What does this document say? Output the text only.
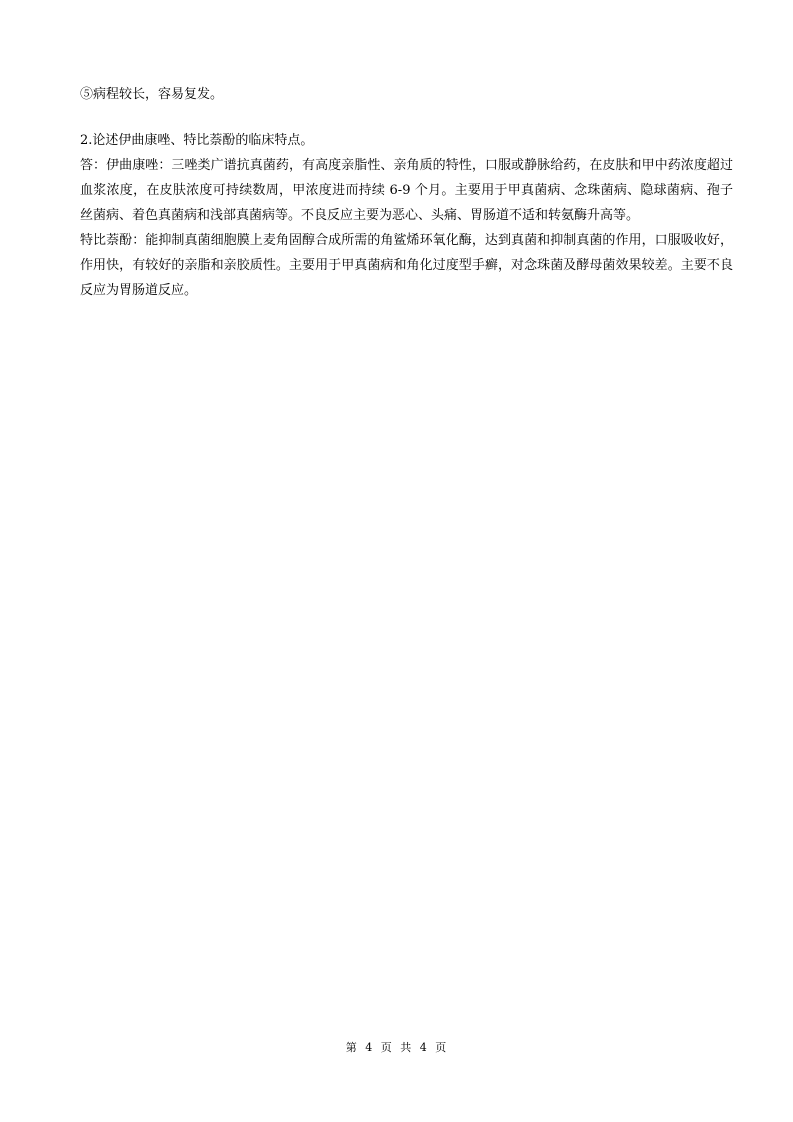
⑤病程较长，容易复发。

2.论述伊曲康唑、特比萘酚的临床特点。

答：伊曲康唑：三唑类广谱抗真菌药，有高度亲脂性、亲角质的特性，口服或静脉给药，在皮肤和甲中药浓度超过血浆浓度，在皮肤浓度可持续数周，甲浓度进而持续 6-9 个月。主要用于甲真菌病、念珠菌病、隐球菌病、孢子丝菌病、着色真菌病和浅部真菌病等。不良反应主要为恶心、头痛、胃肠道不适和转氨酶升高等。

特比萘酚：能抑制真菌细胞膜上麦角固醇合成所需的角鲨烯环氧化酶，达到真菌和抑制真菌的作用，口服吸收好，作用快，有较好的亲脂和亲胶质性。主要用于甲真菌病和角化过度型手癣，对念珠菌及酵母菌效果较差。主要不良反应为胃肠道反应。

第 4 页 共 4 页
